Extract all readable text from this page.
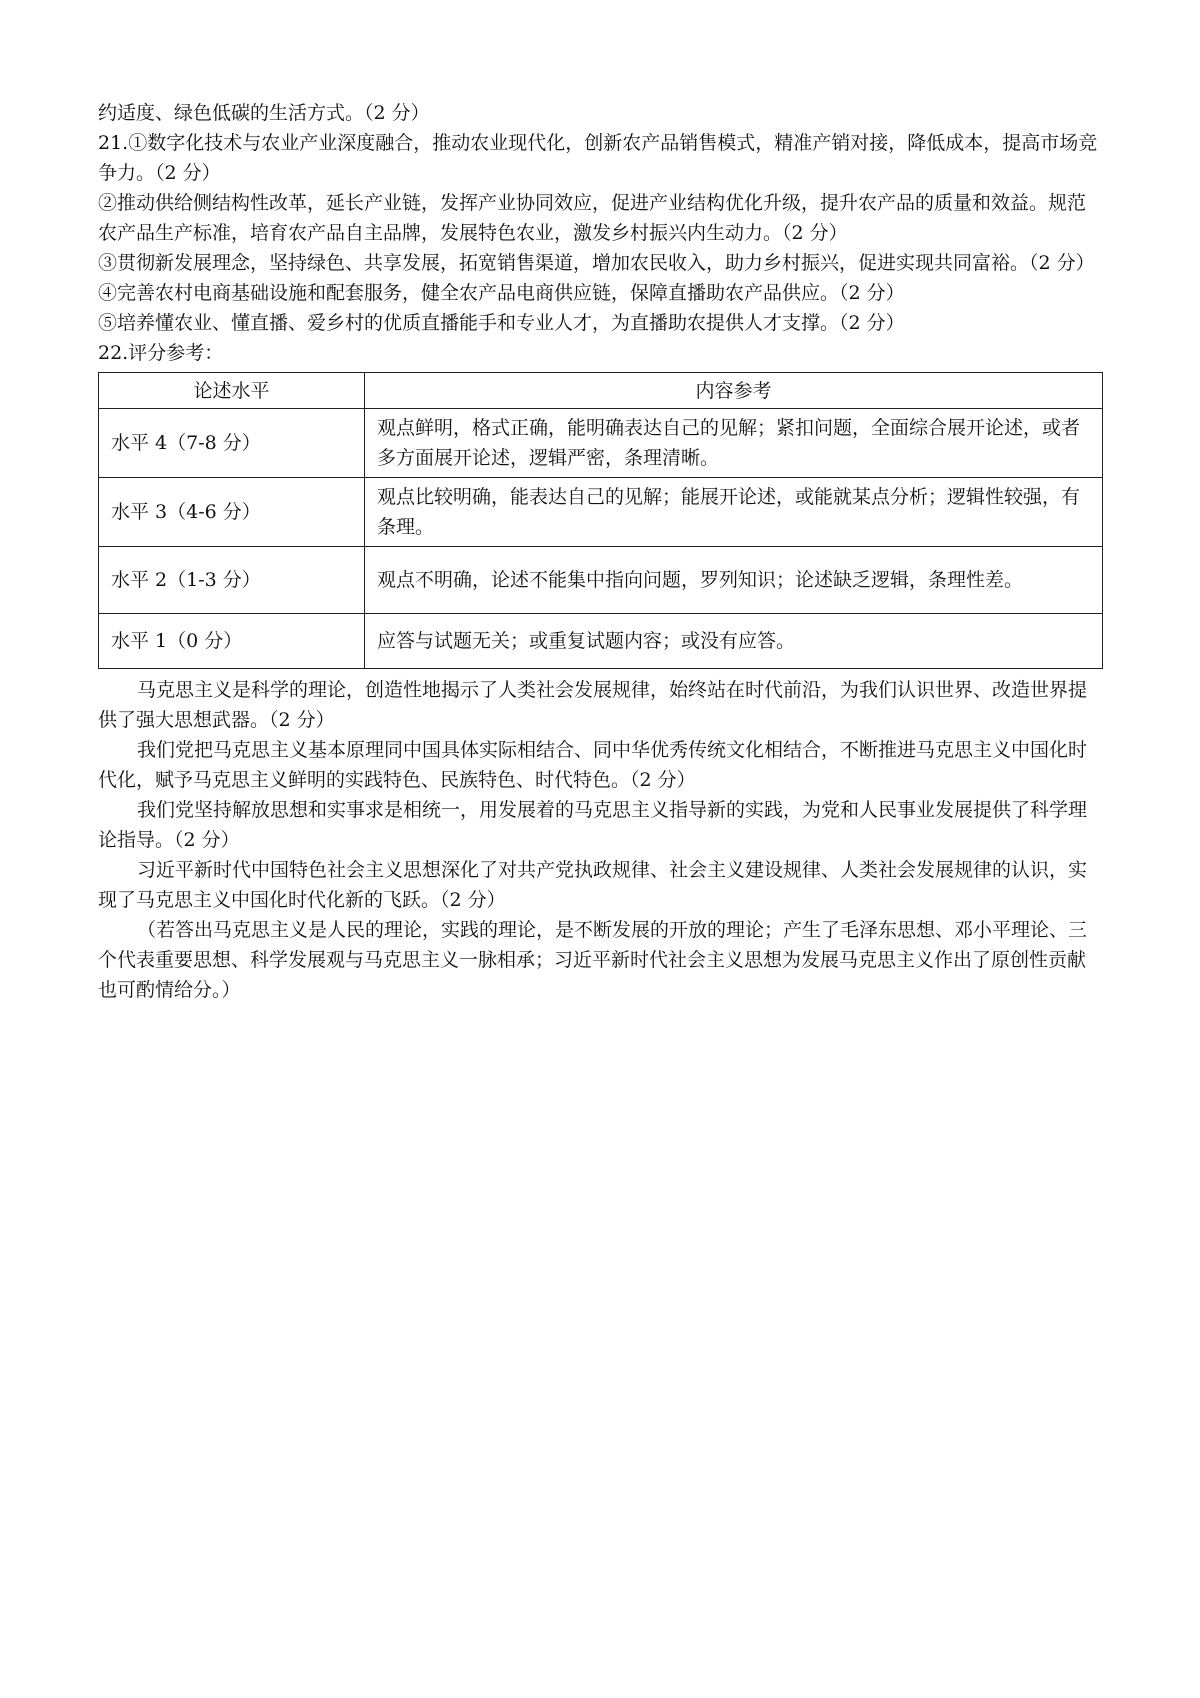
约适度、绿色低碳的生活方式。（2 分）

21.①数字化技术与农业产业深度融合，推动农业现代化，创新农产品销售模式，精准产销对接，降低成本，提高市场竞争力。（2 分）

②推动供给侧结构性改革，延长产业链，发挥产业协同效应，促进产业结构优化升级，提升农产品的质量和效益。规范农产品生产标准，培育农产品自主品牌，发展特色农业，激发乡村振兴内生动力。（2 分）

③贯彻新发展理念，坚持绿色、共享发展，拓宽销售渠道，增加农民收入，助力乡村振兴，促进实现共同富裕。（2 分）

④完善农村电商基础设施和配套服务，健全农产品电商供应链，保障直播助农产品供应。（2 分）

⑤培养懂农业、懂直播、爱乡村的优质直播能手和专业人才，为直播助农提供人才支撑。（2 分）

22.评分参考：

论述水平	内容参考
水平 4（7-8 分）	观点鲜明，格式正确，能明确表达自己的见解；紧扣问题，全面综合展开论述，或者多方面展开论述，逻辑严密，条理清晰。
水平 3（4-6 分）	观点比较明确，能表达自己的见解；能展开论述，或能就某点分析；逻辑性较强，有条理。
水平 2（1-3 分）	观点不明确，论述不能集中指向问题，罗列知识；论述缺乏逻辑，条理性差。
水平 1（0 分）	应答与试题无关；或重复试题内容；或没有应答。

马克思主义是科学的理论，创造性地揭示了人类社会发展规律，始终站在时代前沿，为我们认识世界、改造世界提供了强大思想武器。（2 分）

我们党把马克思主义基本原理同中国具体实际相结合、同中华优秀传统文化相结合，不断推进马克思主义中国化时代化，赋予马克思主义鲜明的实践特色、民族特色、时代特色。（2 分）

我们党坚持解放思想和实事求是相统一，用发展着的马克思主义指导新的实践，为党和人民事业发展提供了科学理论指导。（2 分）

习近平新时代中国特色社会主义思想深化了对共产党执政规律、社会主义建设规律、人类社会发展规律的认识，实现了马克思主义中国化时代化新的飞跃。（2 分）

（若答出马克思主义是人民的理论，实践的理论，是不断发展的开放的理论；产生了毛泽东思想、邓小平理论、三个代表重要思想、科学发展观与马克思主义一脉相承；习近平新时代社会主义思想为发展马克思主义作出了原创性贡献也可酌情给分。）
